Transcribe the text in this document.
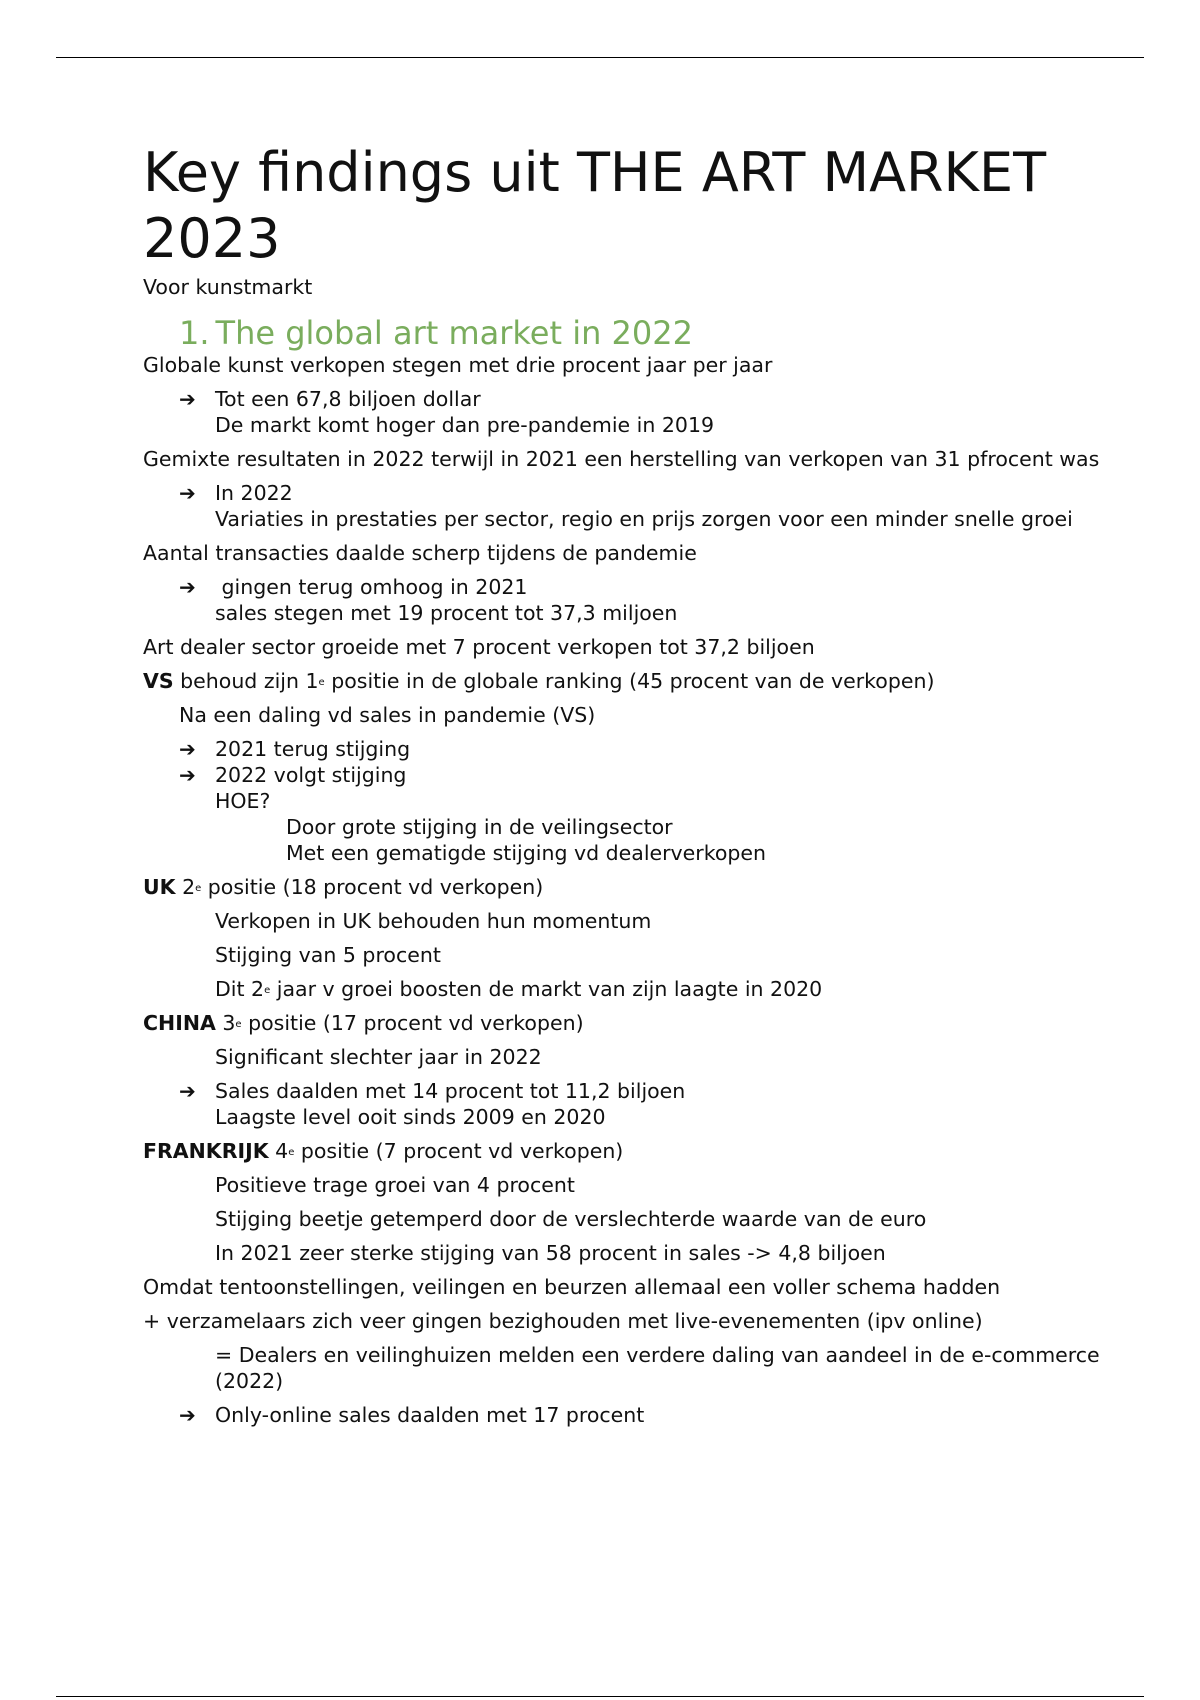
Key findings uit THE ART MARKET 2023

Voor kunstmarkt

1. The global art market in 2022

Globale kunst verkopen stegen met drie procent jaar per jaar

➔ Tot een 67,8 biljoen dollar

De markt komt hoger dan pre-pandemie in 2019

Gemixte resultaten in 2022 terwijl in 2021 een herstelling van verkopen van 31 pfrocent was

➔ In 2022

Variaties in prestaties per sector, regio en prijs zorgen voor een minder snelle groei

Aantal transacties daalde scherp tijdens de pandemie

➔ gingen terug omhoog in 2021

sales stegen met 19 procent tot 37,3 miljoen

Art dealer sector groeide met 7 procent verkopen tot 37,2 biljoen

VS behoud zijn 1e positie in de globale ranking (45 procent van de verkopen)

Na een daling vd sales in pandemie (VS)

➔ 2021 terug stijging

➔ 2022 volgt stijging

HOE?

Door grote stijging in de veilingsector

Met een gematigde stijging vd dealerverkopen

UK 2e positie (18 procent vd verkopen)

Verkopen in UK behouden hun momentum

Stijging van 5 procent

Dit 2e jaar v groei boosten de markt van zijn laagte in 2020

CHINA 3e positie (17 procent vd verkopen)

Significant slechter jaar in 2022

➔ Sales daalden met 14 procent tot 11,2 biljoen

Laagste level ooit sinds 2009 en 2020

FRANKRIJK 4e positie (7 procent vd verkopen)

Positieve trage groei van 4 procent

Stijging beetje getemperd door de verslechterde waarde van de euro

In 2021 zeer sterke stijging van 58 procent in sales -> 4,8 biljoen

Omdat tentoonstellingen, veilingen en beurzen allemaal een voller schema hadden

+ verzamelaars zich veer gingen bezighouden met live-evenementen (ipv online)

= Dealers en veilinghuizen melden een verdere daling van aandeel in de e-commerce (2022)

➔ Only-online sales daalden met 17 procent
